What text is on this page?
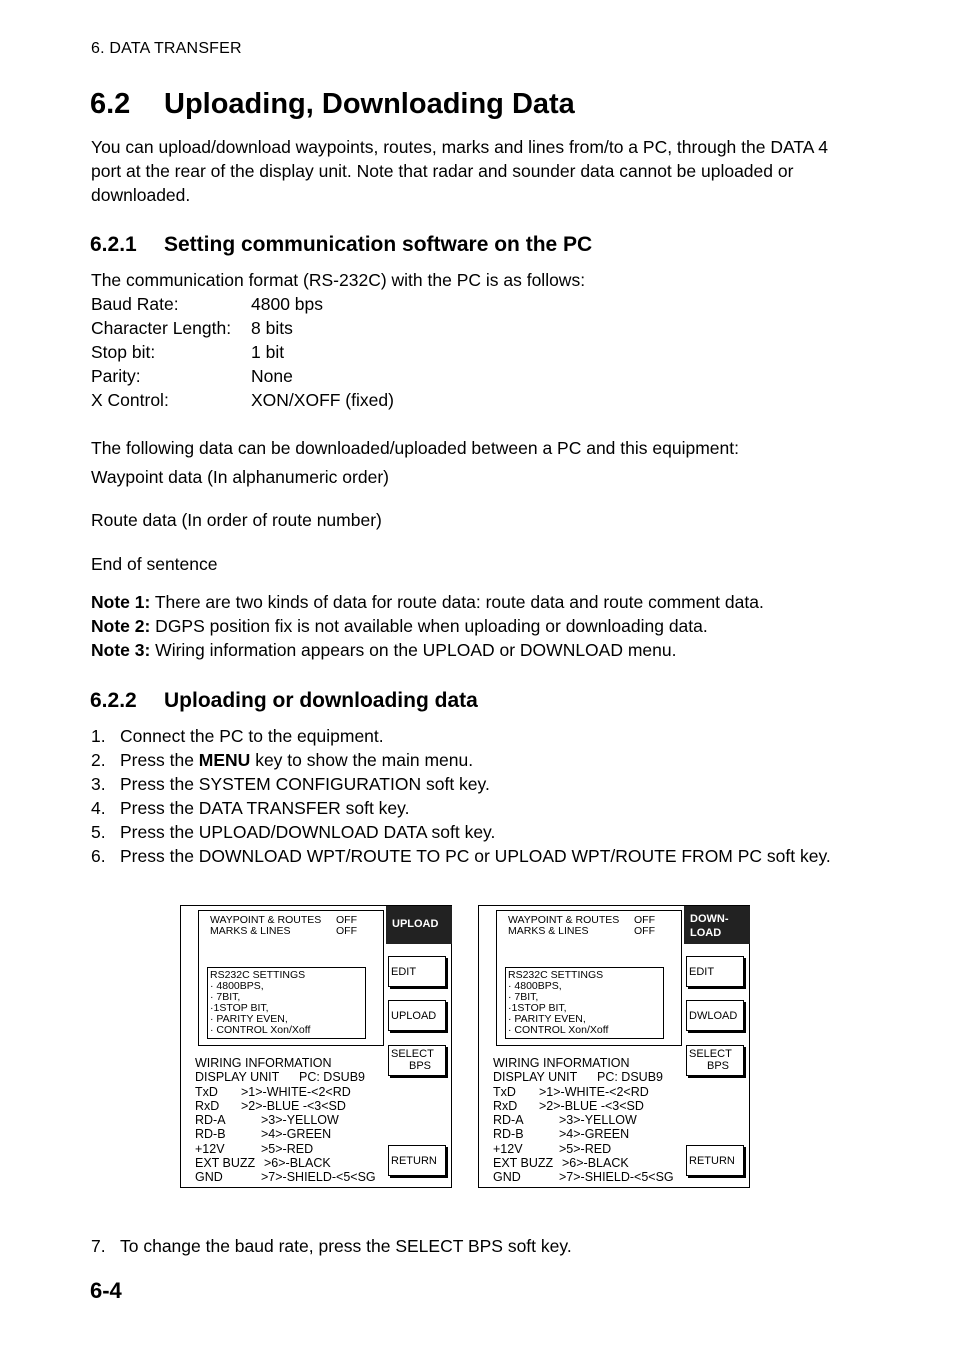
6. DATA TRANSFER
6.2 Uploading, Downloading Data
You can upload/download waypoints, routes, marks and lines from/to a PC, through the DATA 4 port at the rear of the display unit. Note that radar and sounder data cannot be uploaded or downloaded.
6.2.1 Setting communication software on the PC
The communication format (RS-232C) with the PC is as follows:
Baud Rate:	4800 bps
Character Length:	8 bits
Stop bit:	1 bit
Parity:	None
X Control:	XON/XOFF (fixed)
The following data can be downloaded/uploaded between a PC and this equipment:
Waypoint data (In alphanumeric order)
Route data (In order of route number)
End of sentence
Note 1: There are two kinds of data for route data: route data and route comment data.
Note 2: DGPS position fix is not available when uploading or downloading data.
Note 3: Wiring information appears on the UPLOAD or DOWNLOAD menu.
6.2.2 Uploading or downloading data
1. Connect the PC to the equipment.
2. Press the MENU key to show the main menu.
3. Press the SYSTEM CONFIGURATION soft key.
4. Press the DATA TRANSFER soft key.
5. Press the UPLOAD/DOWNLOAD DATA soft key.
6. Press the DOWNLOAD WPT/ROUTE TO PC or UPLOAD WPT/ROUTE FROM PC soft key.
WAYPOINT & ROUTES OFF
MARKS & LINES	OFF
RS232C SETTINGS
· 4800BPS,
· 7BIT,
·1STOP BIT,
· PARITY EVEN,
· CONTROL Xon/Xoff
WIRING INFORMATION
DISPLAY UNIT	PC: DSUB9
TxD	>1>-WHITE-<2<RD
RxD	>2>-BLUE -<3<SD
RD-A	>3>-YELLOW
RD-B	>4>-GREEN
+12V	>5>-RED
EXT BUZZ >6>-BLACK
GND	>7>-SHIELD-<5<SG
UPLOAD
EDIT
UPLOAD
SELECT
BPS
RETURN
WAYPOINT & ROUTES OFF
MARKS & LINES	OFF
RS232C SETTINGS
· 4800BPS,
· 7BIT,
·1STOP BIT,
· PARITY EVEN,
· CONTROL Xon/Xoff
WIRING INFORMATION
DISPLAY UNIT	PC: DSUB9
TxD	>1>-WHITE-<2<RD
RxD	>2>-BLUE -<3<SD
RD-A	>3>-YELLOW
RD-B	>4>-GREEN
+12V	>5>-RED
EXT BUZZ >6>-BLACK
GND	>7>-SHIELD-<5<SG
DOWN-
LOAD
EDIT
DWLOAD
SELECT
BPS
RETURN
7. To change the baud rate, press the SELECT BPS soft key.
6-4
